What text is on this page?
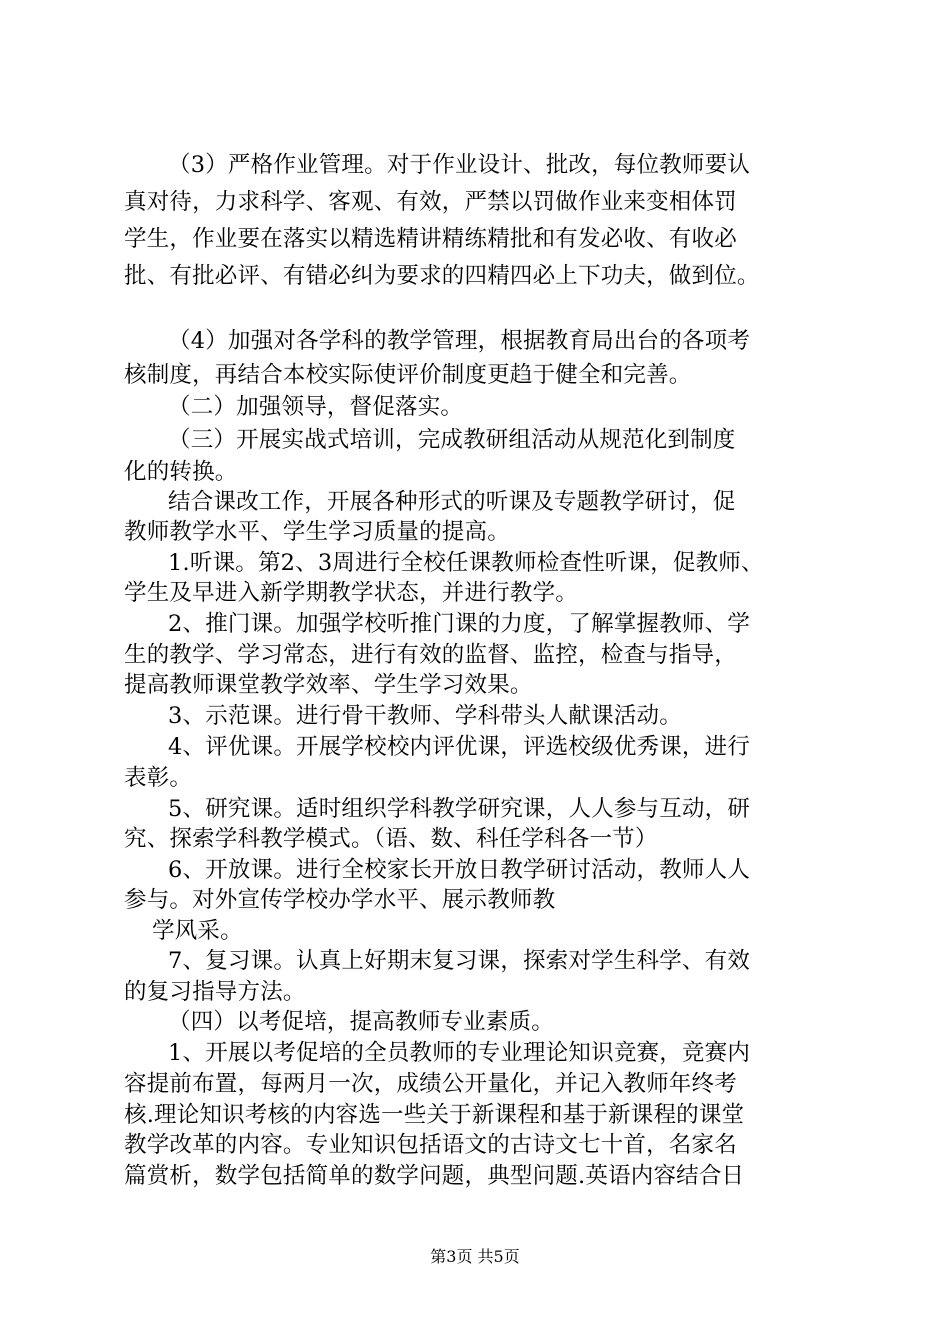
（3）严格作业管理。对于作业设计、批改，每位教师要认
真对待，力求科学、客观、有效，严禁以罚做作业来变相体罚
学生，作业要在落实以精选精讲精练精批和有发必收、有收必
批、有批必评、有错必纠为要求的四精四必上下功夫，做到位。
（4）加强对各学科的教学管理，根据教育局出台的各项考
核制度，再结合本校实际使评价制度更趋于健全和完善。
（二）加强领导，督促落实。
（三）开展实战式培训，完成教研组活动从规范化到制度
化的转换。
结合课改工作，开展各种形式的听课及专题教学研讨，促
教师教学水平、学生学习质量的提高。
1.听课。第2、3周进行全校任课教师检查性听课，促教师、
学生及早进入新学期教学状态，并进行教学。
2、推门课。加强学校听推门课的力度，了解掌握教师、学
生的教学、学习常态，进行有效的监督、监控，检查与指导，
提高教师课堂教学效率、学生学习效果。
3、示范课。进行骨干教师、学科带头人献课活动。
4、评优课。开展学校校内评优课，评选校级优秀课，进行
表彰。
5、研究课。适时组织学科教学研究课，人人参与互动，研
究、探索学科教学模式。（语、数、科任学科各一节）
6、开放课。进行全校家长开放日教学研讨活动，教师人人
参与。对外宣传学校办学水平、展示教师教
学风采。
7、复习课。认真上好期末复习课，探索对学生科学、有效
的复习指导方法。
（四）以考促培，提高教师专业素质。
1、开展以考促培的全员教师的专业理论知识竞赛，竞赛内
容提前布置，每两月一次，成绩公开量化，并记入教师年终考
核.理论知识考核的内容选一些关于新课程和基于新课程的课堂
教学改革的内容。专业知识包括语文的古诗文七十首，名家名
篇赏析，数学包括简单的数学问题，典型问题.英语内容结合日
第3页 共5页
